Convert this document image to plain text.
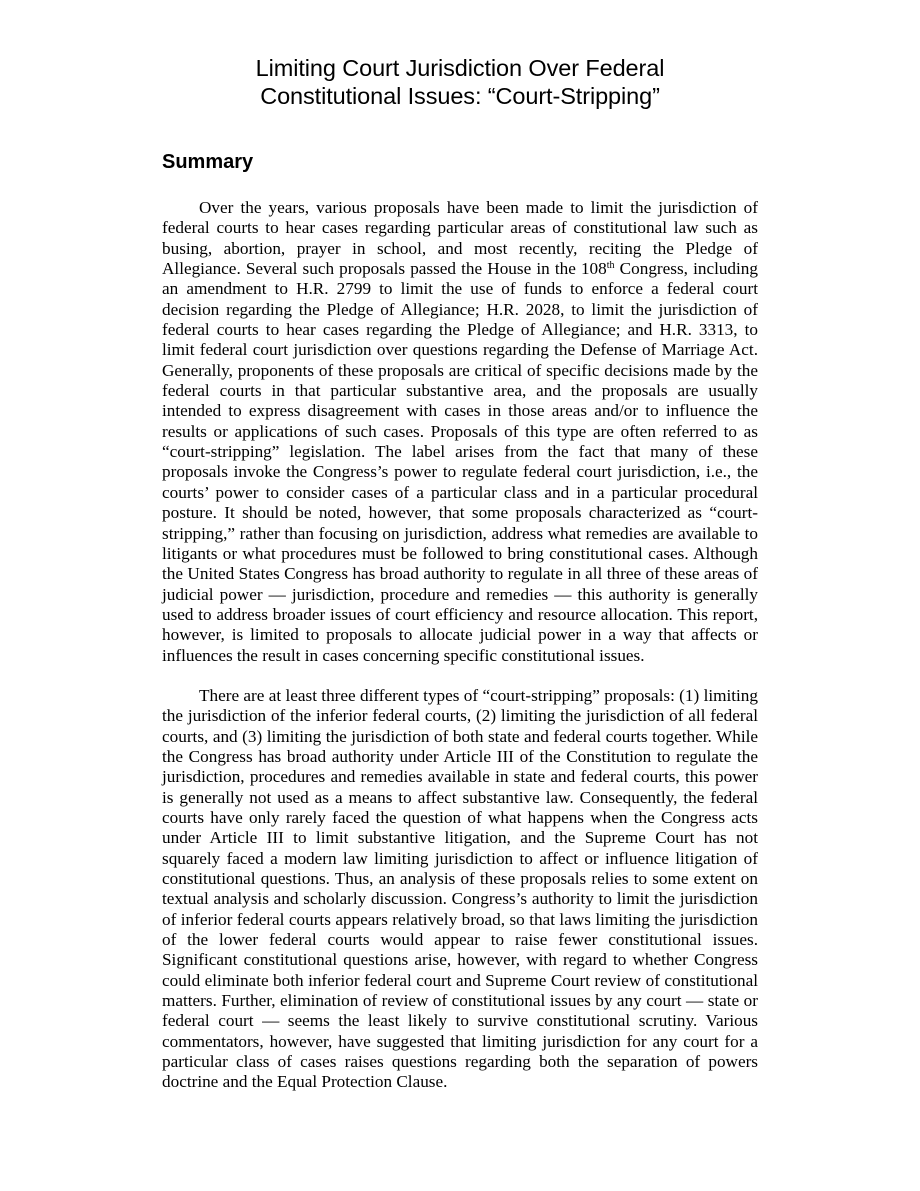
Limiting Court Jurisdiction Over Federal
Constitutional Issues: “Court-Stripping”
Summary

Over the years, various proposals have been made to limit the jurisdiction of federal courts to hear cases regarding particular areas of constitutional law such as busing, abortion, prayer in school, and most recently, reciting the Pledge of Allegiance. Several such proposals passed the House in the 108th Congress, including an amendment to H.R. 2799 to limit the use of funds to enforce a federal court decision regarding the Pledge of Allegiance; H.R. 2028, to limit the jurisdiction of federal courts to hear cases regarding the Pledge of Allegiance; and H.R. 3313, to limit federal court jurisdiction over questions regarding the Defense of Marriage Act. Generally, proponents of these proposals are critical of specific decisions made by the federal courts in that particular substantive area, and the proposals are usually intended to express disagreement with cases in those areas and/or to influence the results or applications of such cases. Proposals of this type are often referred to as “court-stripping” legislation. The label arises from the fact that many of these proposals invoke the Congress’s power to regulate federal court jurisdiction, i.e., the courts’ power to consider cases of a particular class and in a particular procedural posture. It should be noted, however, that some proposals characterized as “court-stripping,” rather than focusing on jurisdiction, address what remedies are available to litigants or what procedures must be followed to bring constitutional cases. Although the United States Congress has broad authority to regulate in all three of these areas of judicial power — jurisdiction, procedure and remedies — this authority is generally used to address broader issues of court efficiency and resource allocation. This report, however, is limited to proposals to allocate judicial power in a way that affects or influences the result in cases concerning specific constitutional issues.

There are at least three different types of “court-stripping” proposals: (1) limiting the jurisdiction of the inferior federal courts, (2) limiting the jurisdiction of all federal courts, and (3) limiting the jurisdiction of both state and federal courts together. While the Congress has broad authority under Article III of the Constitution to regulate the jurisdiction, procedures and remedies available in state and federal courts, this power is generally not used as a means to affect substantive law. Consequently, the federal courts have only rarely faced the question of what happens when the Congress acts under Article III to limit substantive litigation, and the Supreme Court has not squarely faced a modern law limiting jurisdiction to affect or influence litigation of constitutional questions. Thus, an analysis of these proposals relies to some extent on textual analysis and scholarly discussion. Congress’s authority to limit the jurisdiction of inferior federal courts appears relatively broad, so that laws limiting the jurisdiction of the lower federal courts would appear to raise fewer constitutional issues. Significant constitutional questions arise, however, with regard to whether Congress could eliminate both inferior federal court and Supreme Court review of constitutional matters. Further, elimination of review of constitutional issues by any court — state or federal court — seems the least likely to survive constitutional scrutiny. Various commentators, however, have suggested that limiting jurisdiction for any court for a particular class of cases raises questions regarding both the separation of powers doctrine and the Equal Protection Clause.
